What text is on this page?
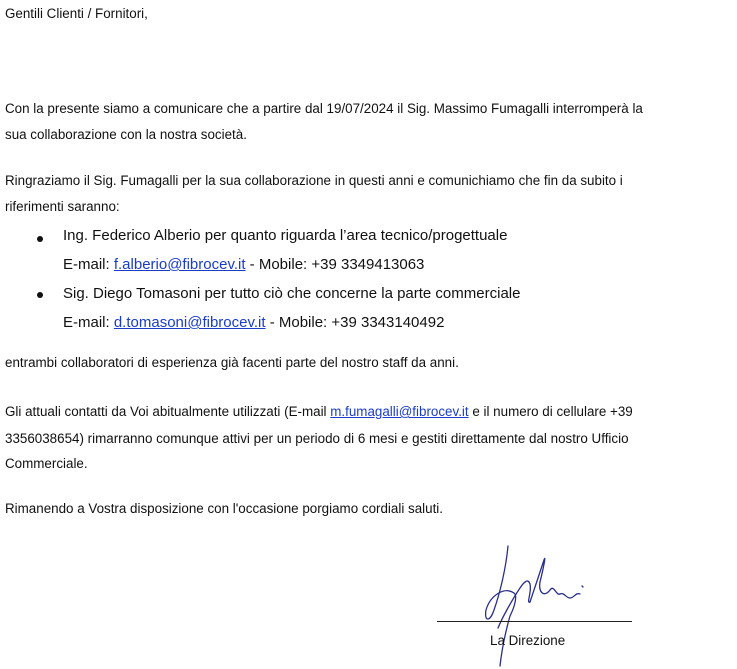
Gentili Clienti / Fornitori,
Con la presente siamo a comunicare che a partire dal 19/07/2024 il Sig. Massimo Fumagalli interromperà la
sua collaborazione con la nostra società.
Ringraziamo il Sig. Fumagalli per la sua collaborazione in questi anni e comunichiamo che fin da subito i
riferimenti saranno:
Ing. Federico Alberio per quanto riguarda l’area tecnico/progettuale
E-mail: f.alberio@fibrocev.it - Mobile: +39 3349413063
Sig. Diego Tomasoni per tutto ciò che concerne la parte commerciale
E-mail: d.tomasoni@fibrocev.it - Mobile: +39 3343140492
entrambi collaboratori di esperienza già facenti parte del nostro staff da anni.
Gli attuali contatti da Voi abitualmente utilizzati (E-mail m.fumagalli@fibrocev.it e il numero di cellulare +39
3356038654) rimarranno comunque attivi per un periodo di 6 mesi e gestiti direttamente dal nostro Ufficio
Commerciale.
Rimanendo a Vostra disposizione con l'occasione porgiamo cordiali saluti.
La Direzione
